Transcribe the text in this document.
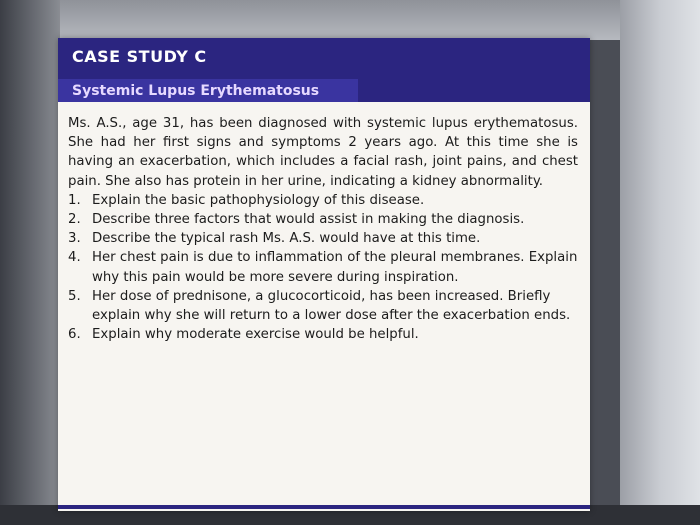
CASE STUDY C
Systemic Lupus Erythematosus

Ms. A.S., age 31, has been diagnosed with systemic lupus erythematosus. She had her first signs and symptoms 2 years ago. At this time she is having an exacerbation, which includes a facial rash, joint pains, and chest pain. She also has protein in her urine, indicating a kidney abnormality.

1. Explain the basic pathophysiology of this disease.
2. Describe three factors that would assist in making the diagnosis.
3. Describe the typical rash Ms. A.S. would have at this time.
4. Her chest pain is due to inflammation of the pleural membranes. Explain why this pain would be more severe during inspiration.
5. Her dose of prednisone, a glucocorticoid, has been increased. Briefly explain why she will return to a lower dose after the exacerbation ends.
6. Explain why moderate exercise would be helpful.
